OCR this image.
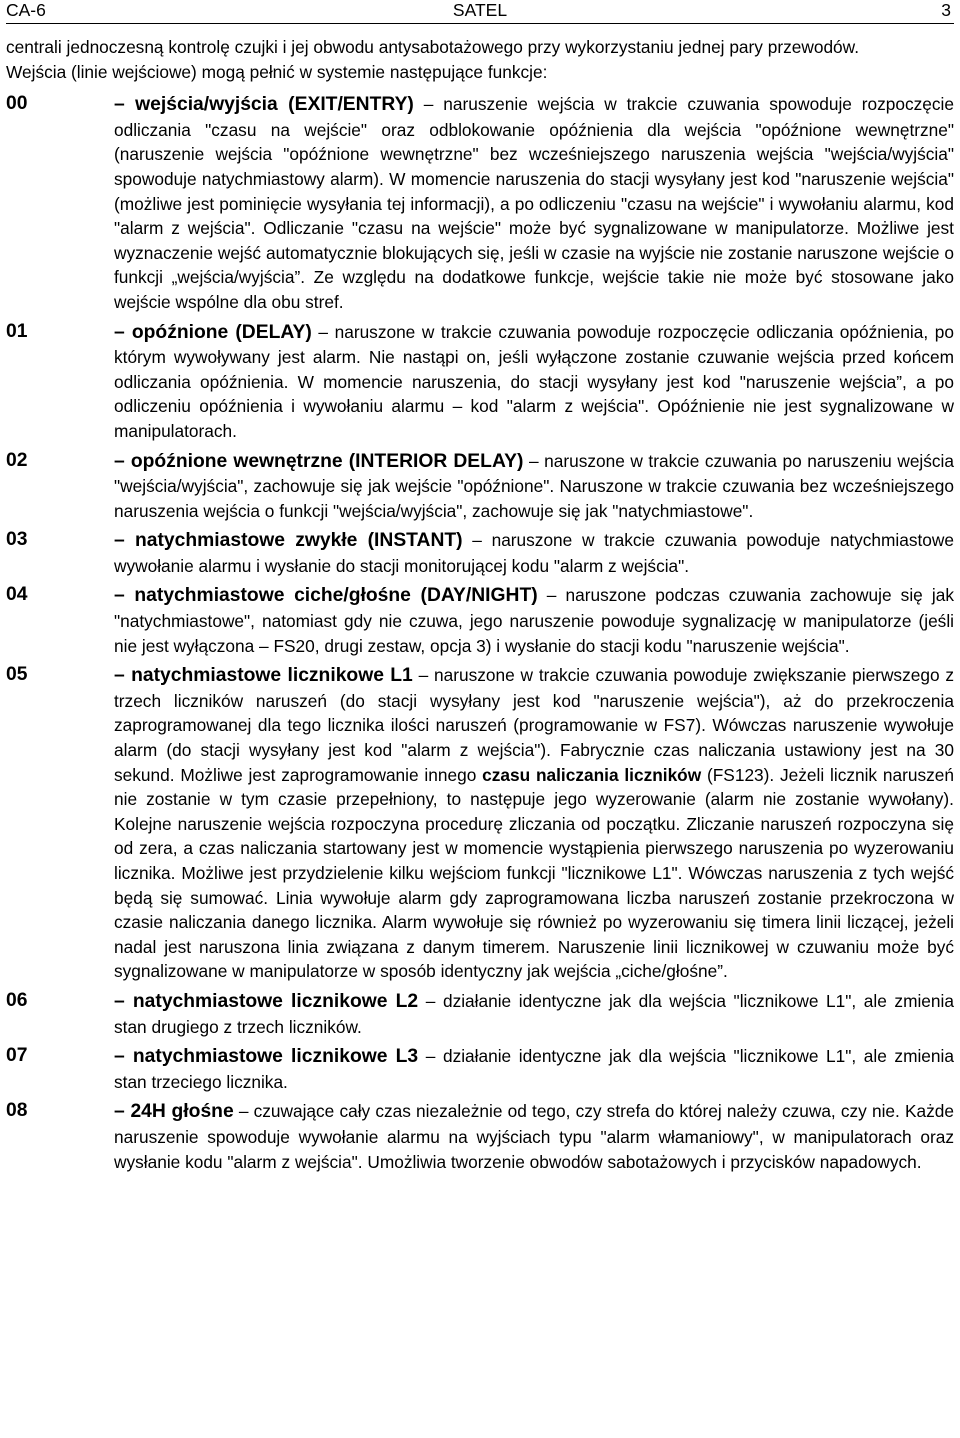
CA-6	SATEL	3

centrali jednoczesną kontrolę czujki i jej obwodu antysabotażowego przy wykorzystaniu jednej pary przewodów.

Wejścia (linie wejściowe) mogą pełnić w systemie następujące funkcje:

00	– wejścia/wyjścia (EXIT/ENTRY) – naruszenie wejścia w trakcie czuwania spowoduje rozpoczęcie odliczania "czasu na wejście" oraz odblokowanie opóźnienia dla wejścia "opóźnione wewnętrzne" (naruszenie wejścia "opóźnione wewnętrzne" bez wcześniejszego naruszenia wejścia "wejścia/wyjścia" spowoduje natychmiastowy alarm). W momencie naruszenia do stacji wysyłany jest kod "naruszenie wejścia" (możliwe jest pominięcie wysyłania tej informacji), a po odliczeniu "czasu na wejście" i wywołaniu alarmu, kod "alarm z wejścia". Odliczanie "czasu na wejście" może być sygnalizowane w manipulatorze. Możliwe jest wyznaczenie wejść automatycznie blokujących się, jeśli w czasie na wyjście nie zostanie naruszone wejście o funkcji „wejścia/wyjścia”. Ze względu na dodatkowe funkcje, wejście takie nie może być stosowane jako wejście wspólne dla obu stref.
01	– opóźnione (DELAY) – naruszone w trakcie czuwania powoduje rozpoczęcie odliczania opóźnienia, po którym wywoływany jest alarm. Nie nastąpi on, jeśli wyłączone zostanie czuwanie wejścia przed końcem odliczania opóźnienia. W momencie naruszenia, do stacji wysyłany jest kod "naruszenie wejścia”, a po odliczeniu opóźnienia i wywołaniu alarmu – kod "alarm z wejścia". Opóźnienie nie jest sygnalizowane w manipulatorach.
02	– opóźnione wewnętrzne (INTERIOR DELAY) – naruszone w trakcie czuwania po naruszeniu wejścia "wejścia/wyjścia", zachowuje się jak wejście "opóźnione". Naruszone w trakcie czuwania bez wcześniejszego naruszenia wejścia o funkcji "wejścia/wyjścia", zachowuje się jak "natychmiastowe".
03	– natychmiastowe zwykłe (INSTANT) – naruszone w trakcie czuwania powoduje natychmiastowe wywołanie alarmu i wysłanie do stacji monitorującej kodu "alarm z wejścia".
04	– natychmiastowe ciche/głośne (DAY/NIGHT) – naruszone podczas czuwania zachowuje się jak "natychmiastowe", natomiast gdy nie czuwa, jego naruszenie powoduje sygnalizację w manipulatorze (jeśli nie jest wyłączona – FS20, drugi zestaw, opcja 3) i wysłanie do stacji kodu "naruszenie wejścia".
05	– natychmiastowe licznikowe L1 – naruszone w trakcie czuwania powoduje zwiększanie pierwszego z trzech liczników naruszeń (do stacji wysyłany jest kod "naruszenie wejścia"), aż do przekroczenia zaprogramowanej dla tego licznika ilości naruszeń (programowanie w FS7). Wówczas naruszenie wywołuje alarm (do stacji wysyłany jest kod "alarm z wejścia"). Fabrycznie czas naliczania ustawiony jest na 30 sekund. Możliwe jest zaprogramowanie innego czasu naliczania liczników (FS123). Jeżeli licznik naruszeń nie zostanie w tym czasie przepełniony, to następuje jego wyzerowanie (alarm nie zostanie wywołany). Kolejne naruszenie wejścia rozpoczyna procedurę zliczania od początku. Zliczanie naruszeń rozpoczyna się od zera, a czas naliczania startowany jest w momencie wystąpienia pierwszego naruszenia po wyzerowaniu licznika. Możliwe jest przydzielenie kilku wejściom funkcji "licznikowe L1". Wówczas naruszenia z tych wejść będą się sumować. Linia wywołuje alarm gdy zaprogramowana liczba naruszeń zostanie przekroczona w czasie naliczania danego licznika. Alarm wywołuje się również po wyzerowaniu się timera linii liczącej, jeżeli nadal jest naruszona linia związana z danym timerem. Naruszenie linii licznikowej w czuwaniu może być sygnalizowane w manipulatorze w sposób identyczny jak wejścia „ciche/głośne”.
06	– natychmiastowe licznikowe L2 – działanie identyczne jak dla wejścia "licznikowe L1", ale zmienia stan drugiego z trzech liczników.
07	– natychmiastowe licznikowe L3 – działanie identyczne jak dla wejścia "licznikowe L1", ale zmienia stan trzeciego licznika.
08	– 24H głośne – czuwające cały czas niezależnie od tego, czy strefa do której należy czuwa, czy nie. Każde naruszenie spowoduje wywołanie alarmu na wyjściach typu "alarm włamaniowy", w manipulatorach oraz wysłanie kodu "alarm z wejścia". Umożliwia tworzenie obwodów sabotażowych i przycisków napadowych.
